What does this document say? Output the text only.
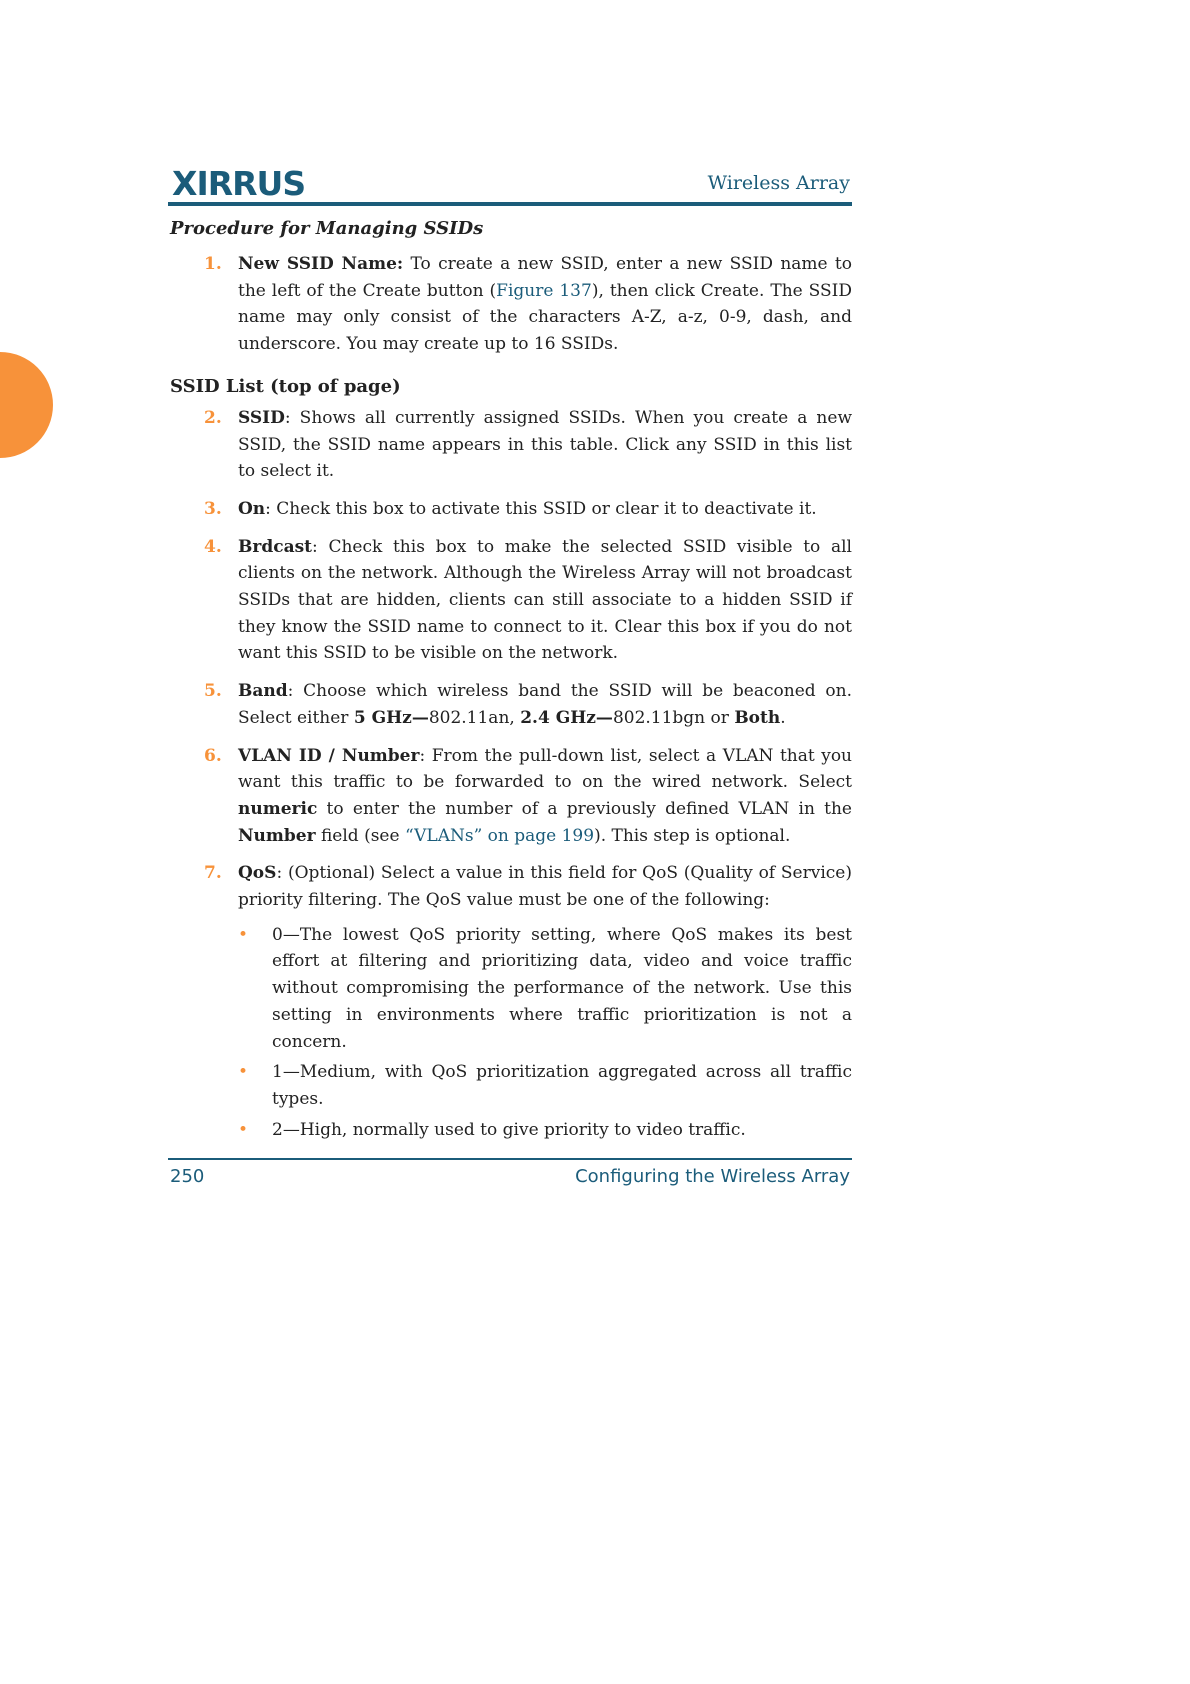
XIRRUS	Wireless Array
Procedure for Managing SSIDs
1. New SSID Name: To create a new SSID, enter a new SSID name to the left of the Create button (Figure 137), then click Create. The SSID name may only consist of the characters A-Z, a-z, 0-9, dash, and underscore. You may create up to 16 SSIDs.
SSID List (top of page)
2. SSID: Shows all currently assigned SSIDs. When you create a new SSID, the SSID name appears in this table. Click any SSID in this list to select it.
3. On: Check this box to activate this SSID or clear it to deactivate it.
4. Brdcast: Check this box to make the selected SSID visible to all clients on the network. Although the Wireless Array will not broadcast SSIDs that are hidden, clients can still associate to a hidden SSID if they know the SSID name to connect to it. Clear this box if you do not want this SSID to be visible on the network.
5. Band: Choose which wireless band the SSID will be beaconed on. Select either 5 GHz—802.11an, 2.4 GHz—802.11bgn or Both.
6. VLAN ID / Number: From the pull-down list, select a VLAN that you want this traffic to be forwarded to on the wired network. Select numeric to enter the number of a previously defined VLAN in the Number field (see “VLANs” on page 199). This step is optional.
7. QoS: (Optional) Select a value in this field for QoS (Quality of Service) priority filtering. The QoS value must be one of the following:
• 0—The lowest QoS priority setting, where QoS makes its best effort at filtering and prioritizing data, video and voice traffic without compromising the performance of the network. Use this setting in environments where traffic prioritization is not a concern.
• 1—Medium, with QoS prioritization aggregated across all traffic types.
• 2—High, normally used to give priority to video traffic.
250	Configuring the Wireless Array
